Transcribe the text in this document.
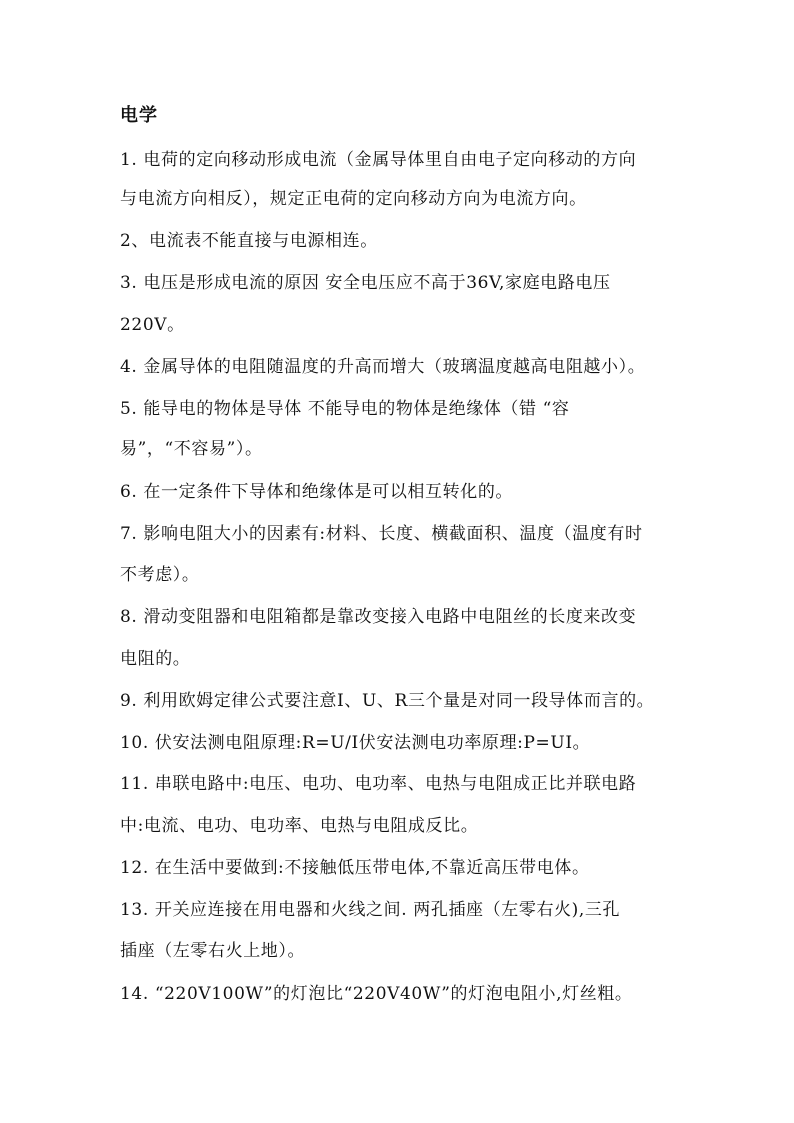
电学
1. 电荷的定向移动形成电流（金属导体里自由电子定向移动的方向
与电流方向相反），规定正电荷的定向移动方向为电流方向。
2、电流表不能直接与电源相连。
3. 电压是形成电流的原因 安全电压应不高于36V,家庭电路电压
220V。
4. 金属导体的电阻随温度的升高而增大（玻璃温度越高电阻越小）。
5. 能导电的物体是导体 不能导电的物体是绝缘体（错 “容
易”，“不容易”）。
6. 在一定条件下导体和绝缘体是可以相互转化的。
7. 影响电阻大小的因素有:材料、长度、横截面积、温度（温度有时
不考虑）。
8. 滑动变阻器和电阻箱都是靠改变接入电路中电阻丝的长度来改变
电阻的。
9. 利用欧姆定律公式要注意I、U、R三个量是对同一段导体而言的。
10. 伏安法测电阻原理:R=U/I伏安法测电功率原理:P=UI。
11. 串联电路中:电压、电功、电功率、电热与电阻成正比并联电路
中:电流、电功、电功率、电热与电阻成反比。
12. 在生活中要做到:不接触低压带电体,不靠近高压带电体。
13. 开关应连接在用电器和火线之间. 两孔插座（左零右火),三孔
插座（左零右火上地）。
14. “220V100W”的灯泡比“220V40W”的灯泡电阻小,灯丝粗。
